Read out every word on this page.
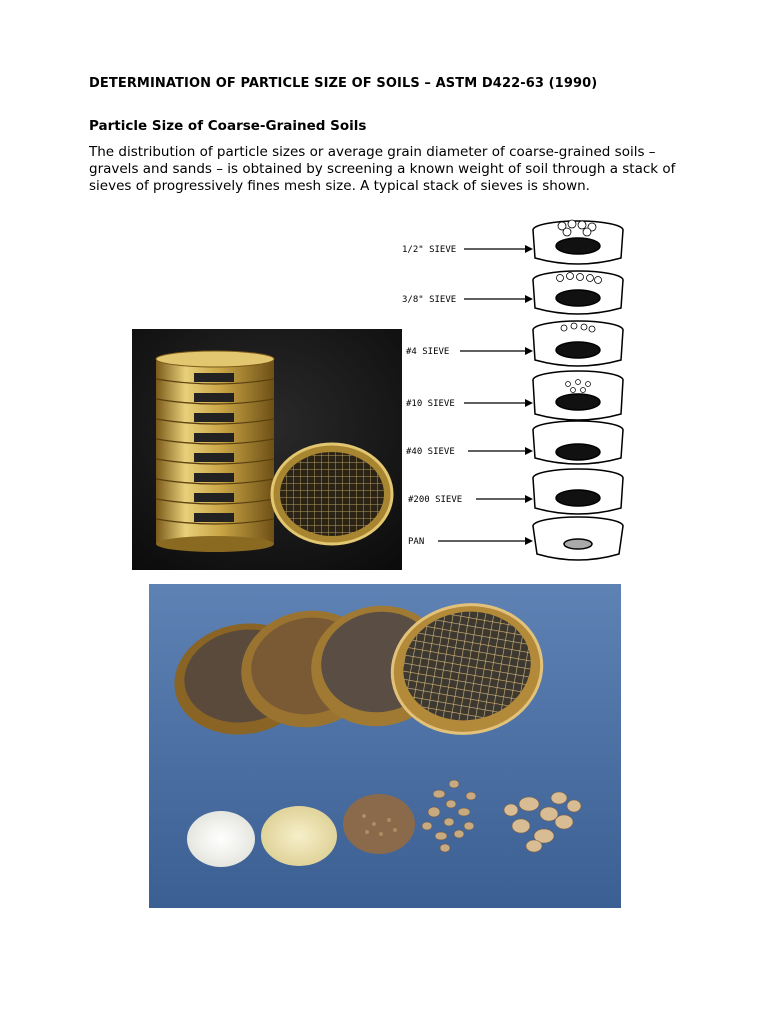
DETERMINATION OF PARTICLE SIZE OF SOILS – ASTM D422-63 (1990)
Particle Size of Coarse-Grained Soils
The distribution of particle sizes or average grain diameter of coarse-grained soils – gravels and sands – is obtained by screening a known weight of soil through a stack of sieves of progressively fines mesh size. A typical stack of sieves is shown.
1/2" SIEVE
3/8" SIEVE
#4 SIEVE
#10 SIEVE
#40 SIEVE
#200 SIEVE
PAN
